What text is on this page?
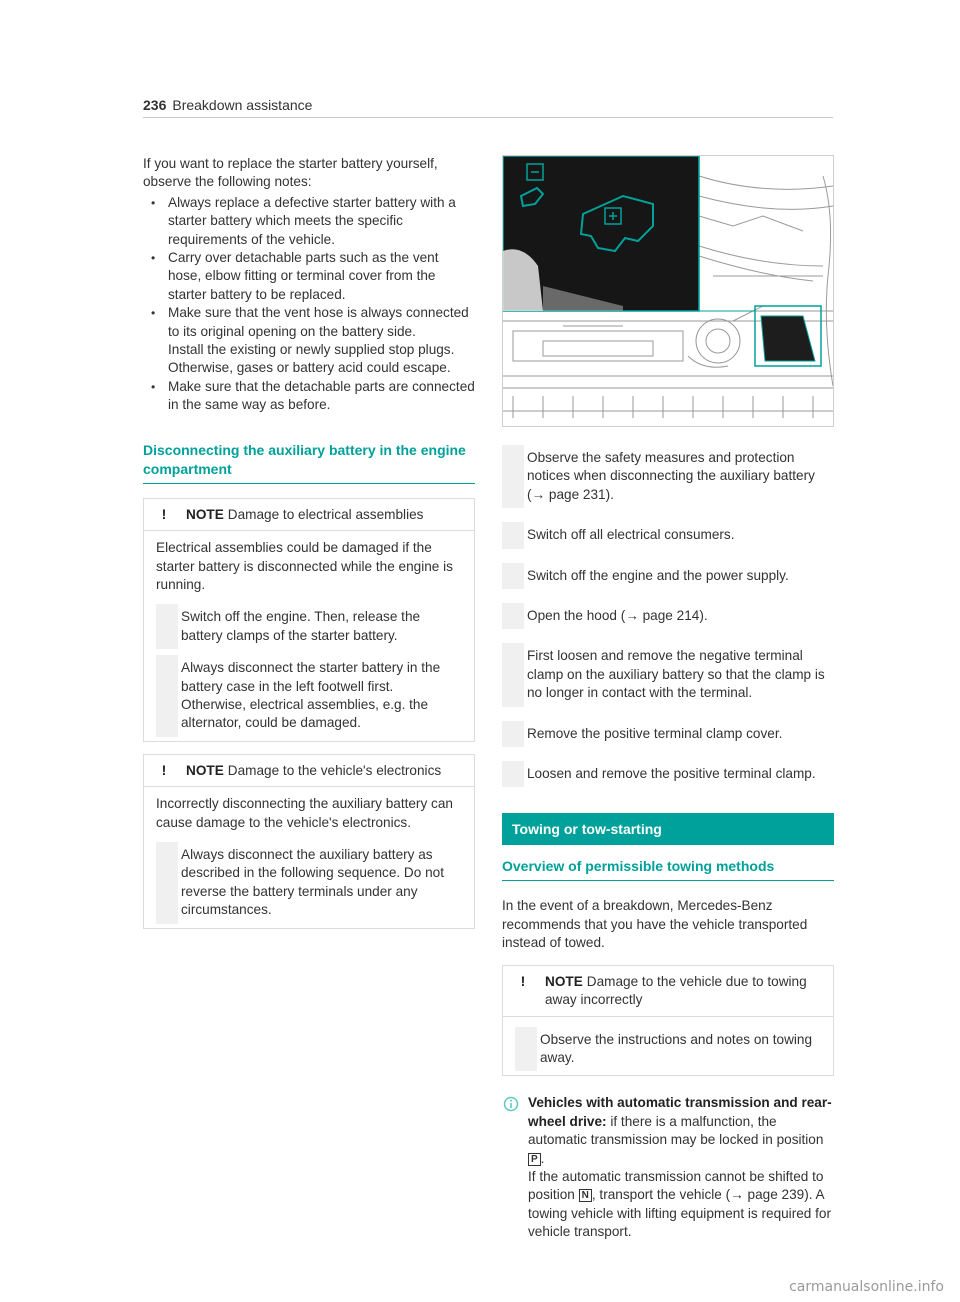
236 Breakdown assistance

If you want to replace the starter battery yourself, observe the following notes:

• Always replace a defective starter battery with a starter battery which meets the specific requirements of the vehicle.
• Carry over detachable parts such as the vent hose, elbow fitting or terminal cover from the starter battery to be replaced.
• Make sure that the vent hose is always connected to its original opening on the battery side.

Install the existing or newly supplied stop plugs.

Otherwise, gases or battery acid could escape.

• Make sure that the detachable parts are connected in the same way as before.
Disconnecting the auxiliary battery in the engine compartment
! NOTE Damage to electrical assemblies

Electrical assemblies could be damaged if the starter battery is disconnected while the engine is running.

Switch off the engine. Then, release the battery clamps of the starter battery.
Always disconnect the starter battery in the battery case in the left footwell first. Otherwise, electrical assemblies, e.g. the alternator, could be damaged.
! NOTE Damage to the vehicle's electronics

Incorrectly disconnecting the auxiliary battery can cause damage to the vehicle's electronics.

Always disconnect the auxiliary battery as described in the following sequence. Do not reverse the battery terminals under any circumstances.
Observe the safety measures and protection notices when disconnecting the auxiliary battery (→ page 231).
Switch off all electrical consumers.
Switch off the engine and the power supply.
Open the hood (→ page 214).
First loosen and remove the negative terminal clamp on the auxiliary battery so that the clamp is no longer in contact with the terminal.
Remove the positive terminal clamp cover.
Loosen and remove the positive terminal clamp.
Towing or tow-starting
Overview of permissible towing methods

In the event of a breakdown, Mercedes-Benz recommends that you have the vehicle transported instead of towed.

! NOTE Damage to the vehicle due to towing away incorrectly
Observe the instructions and notes on towing away.

Vehicles with automatic transmission and rear-wheel drive: if there is a malfunction, the automatic transmission may be locked in position P .

If the automatic transmission cannot be shifted to position N , transport the vehicle (→ page 239). A towing vehicle with lifting equipment is required for vehicle transport.

carmanualsonline.info
